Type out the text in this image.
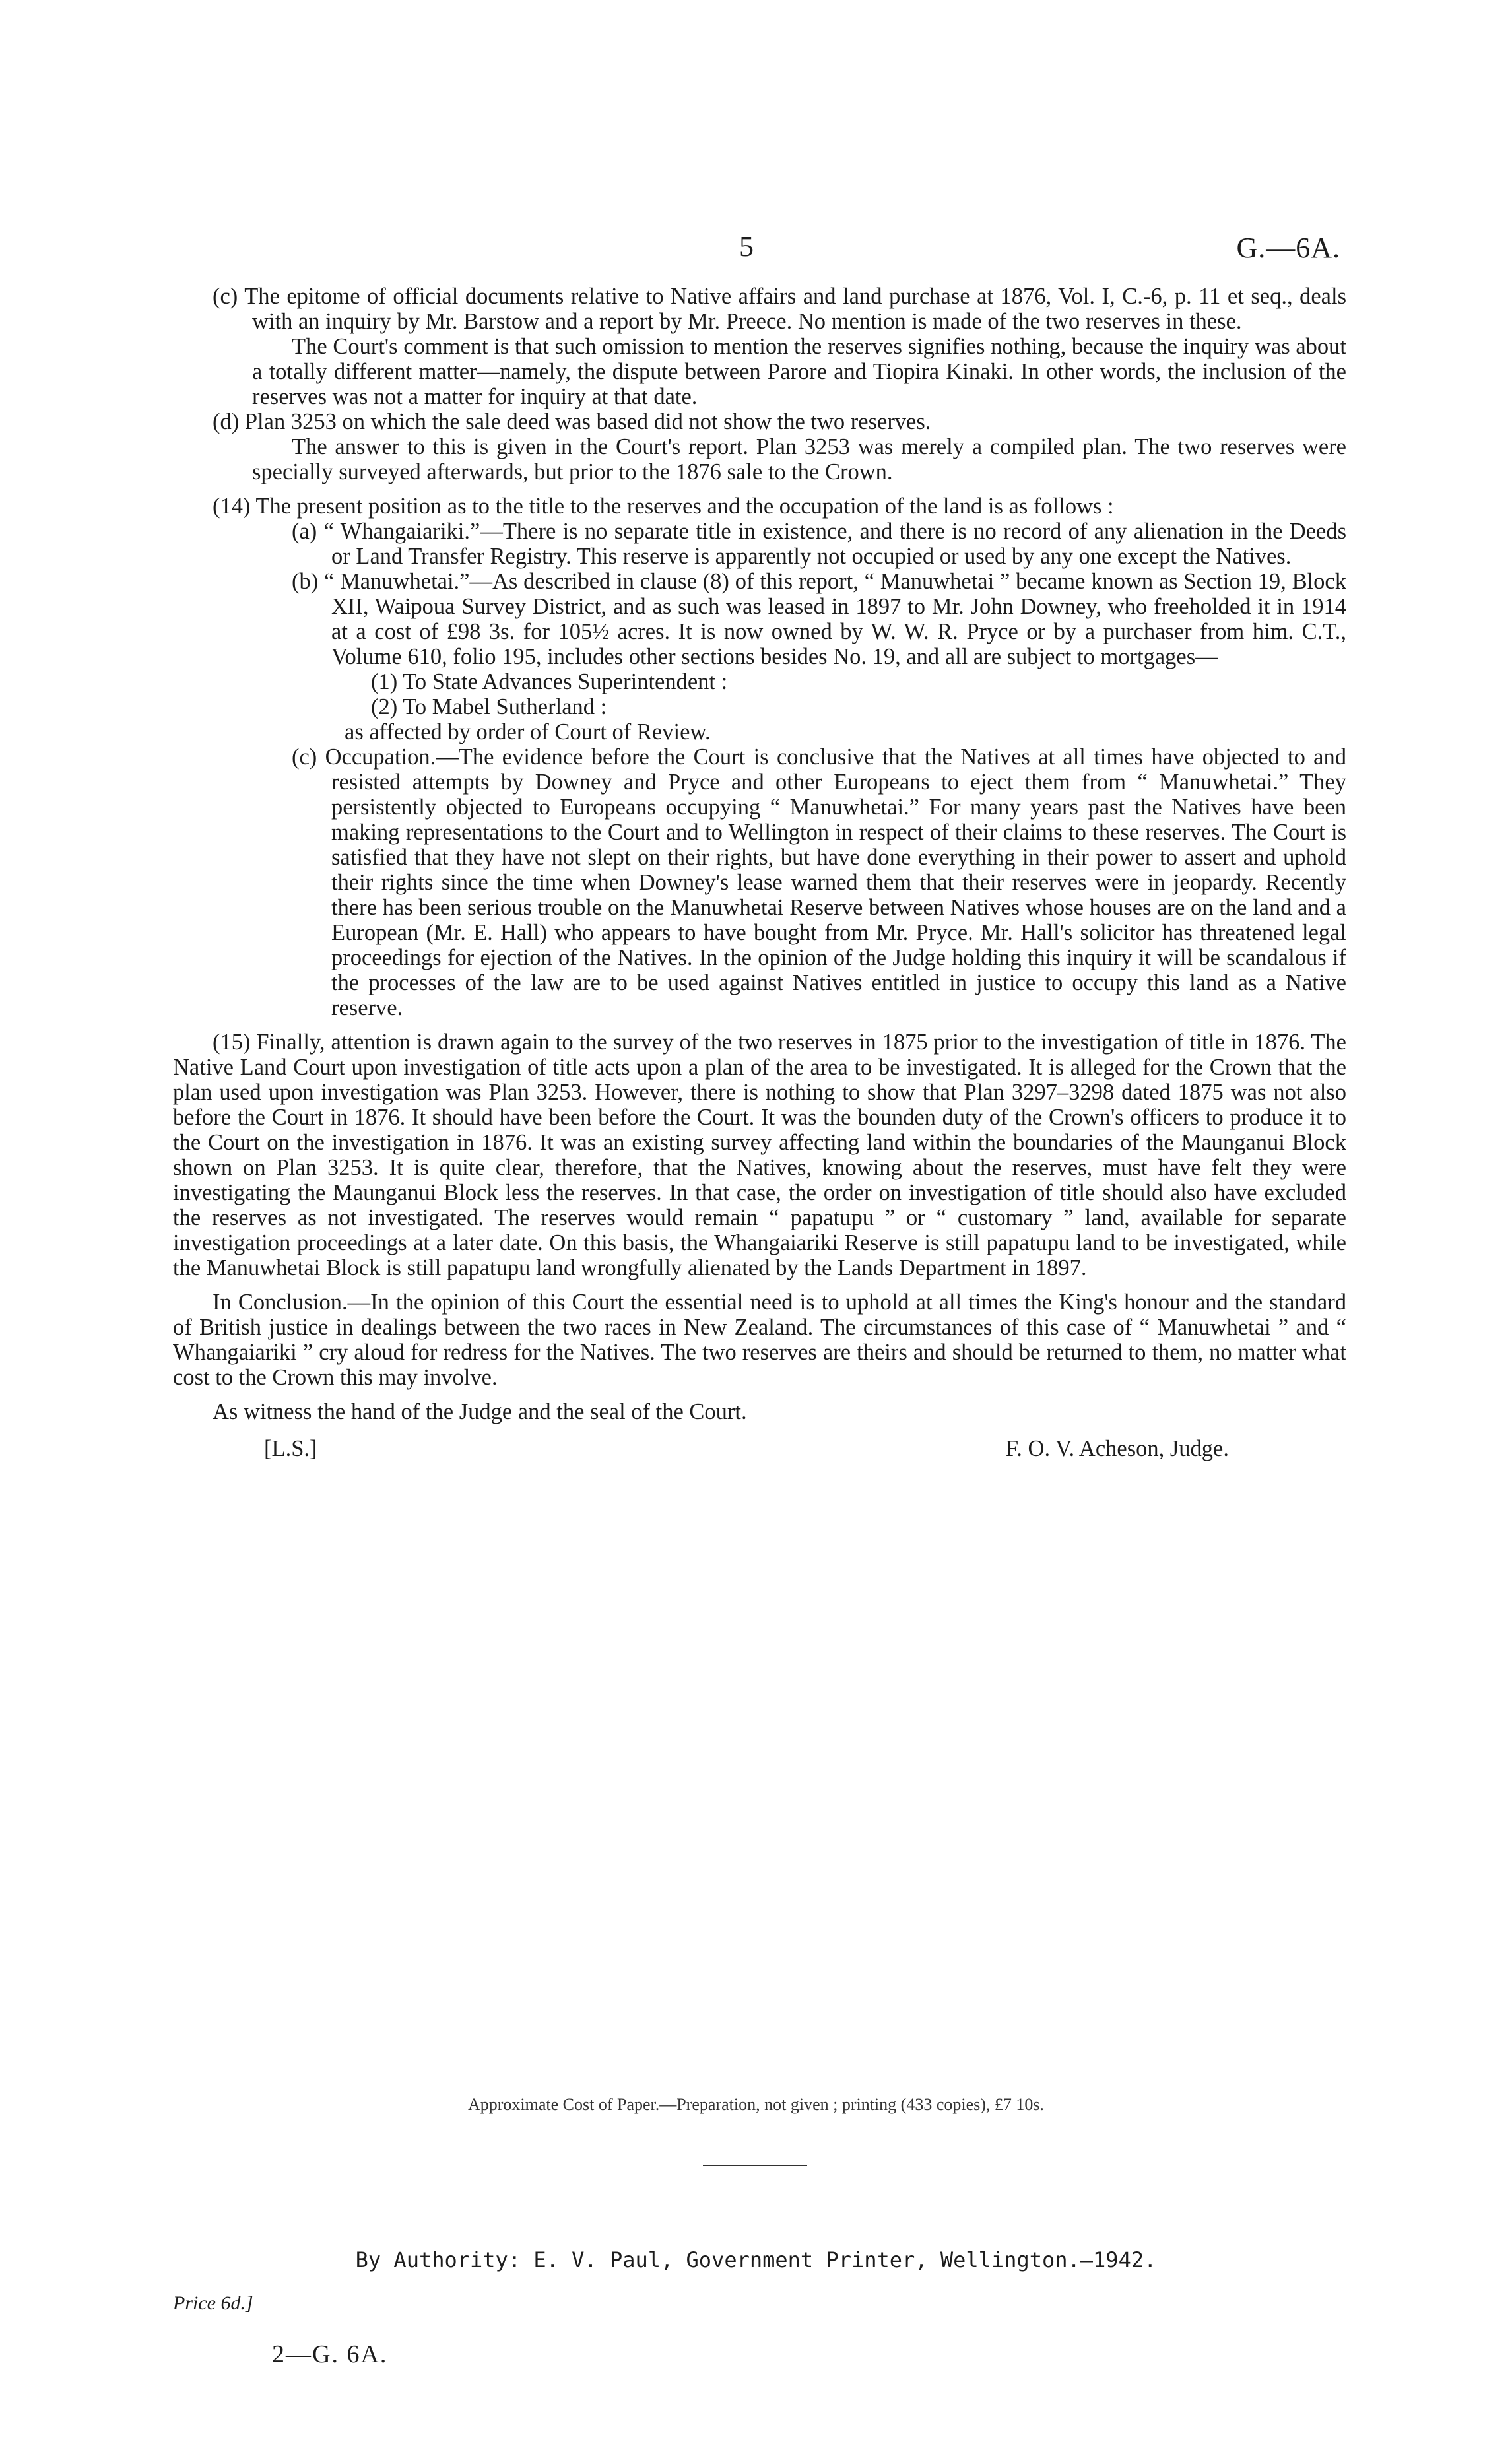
5	G.—6A.

(c) The epitome of official documents relative to Native affairs and land purchase at 1876, Vol. I, C.-6, p. 11 et seq., deals with an inquiry by Mr. Barstow and a report by Mr. Preece. No mention is made of the two reserves in these.

The Court's comment is that such omission to mention the reserves signifies nothing, because the inquiry was about a totally different matter—namely, the dispute between Parore and Tiopira Kinaki. In other words, the inclusion of the reserves was not a matter for inquiry at that date.

(d) Plan 3253 on which the sale deed was based did not show the two reserves.

The answer to this is given in the Court's report. Plan 3253 was merely a compiled plan. The two reserves were specially surveyed afterwards, but prior to the 1876 sale to the Crown.

(14) The present position as to the title to the reserves and the occupation of the land is as follows :

(a) “ Whangaiariki.”—There is no separate title in existence, and there is no record of any alienation in the Deeds or Land Transfer Registry. This reserve is apparently not occupied or used by any one except the Natives.

(b) “ Manuwhetai.”—As described in clause (8) of this report, “ Manuwhetai ” became known as Section 19, Block XII, Waipoua Survey District, and as such was leased in 1897 to Mr. John Downey, who freeholded it in 1914 at a cost of £98 3s. for 105½ acres. It is now owned by W. W. R. Pryce or by a purchaser from him. C.T., Volume 610, folio 195, includes other sections besides No. 19, and all are subject to mortgages—

(1) To State Advances Superintendent :

(2) To Mabel Sutherland :

as affected by order of Court of Review.

(c) Occupation.—The evidence before the Court is conclusive that the Natives at all times have objected to and resisted attempts by Downey and Pryce and other Europeans to eject them from “ Manuwhetai.” They persistently objected to Europeans occupying “ Manuwhetai.” For many years past the Natives have been making representations to the Court and to Wellington in respect of their claims to these reserves. The Court is satisfied that they have not slept on their rights, but have done everything in their power to assert and uphold their rights since the time when Downey's lease warned them that their reserves were in jeopardy. Recently there has been serious trouble on the Manuwhetai Reserve between Natives whose houses are on the land and a European (Mr. E. Hall) who appears to have bought from Mr. Pryce. Mr. Hall's solicitor has threatened legal proceedings for ejection of the Natives. In the opinion of the Judge holding this inquiry it will be scandalous if the processes of the law are to be used against Natives entitled in justice to occupy this land as a Native reserve.

(15) Finally, attention is drawn again to the survey of the two reserves in 1875 prior to the investigation of title in 1876. The Native Land Court upon investigation of title acts upon a plan of the area to be investigated. It is alleged for the Crown that the plan used upon investigation was Plan 3253. However, there is nothing to show that Plan 3297–3298 dated 1875 was not also before the Court in 1876. It should have been before the Court. It was the bounden duty of the Crown's officers to produce it to the Court on the investigation in 1876. It was an existing survey affecting land within the boundaries of the Maunganui Block shown on Plan 3253. It is quite clear, therefore, that the Natives, knowing about the reserves, must have felt they were investigating the Maunganui Block less the reserves. In that case, the order on investigation of title should also have excluded the reserves as not investigated. The reserves would remain “ papatupu ” or “ customary ” land, available for separate investigation proceedings at a later date. On this basis, the Whangaiariki Reserve is still papatupu land to be investigated, while the Manuwhetai Block is still papatupu land wrongfully alienated by the Lands Department in 1897.

In Conclusion.—In the opinion of this Court the essential need is to uphold at all times the King's honour and the standard of British justice in dealings between the two races in New Zealand. The circumstances of this case of “ Manuwhetai ” and “ Whangaiariki ” cry aloud for redress for the Natives. The two reserves are theirs and should be returned to them, no matter what cost to the Crown this may involve.

As witness the hand of the Judge and the seal of the Court.

[L.S.]	F. O. V. Acheson, Judge.
Approximate Cost of Paper.—Preparation, not given ; printing (433 copies), £7 10s.
By Authority: E. V. Paul, Government Printer, Wellington.—1942.
Price 6d.]
2—G. 6A.
